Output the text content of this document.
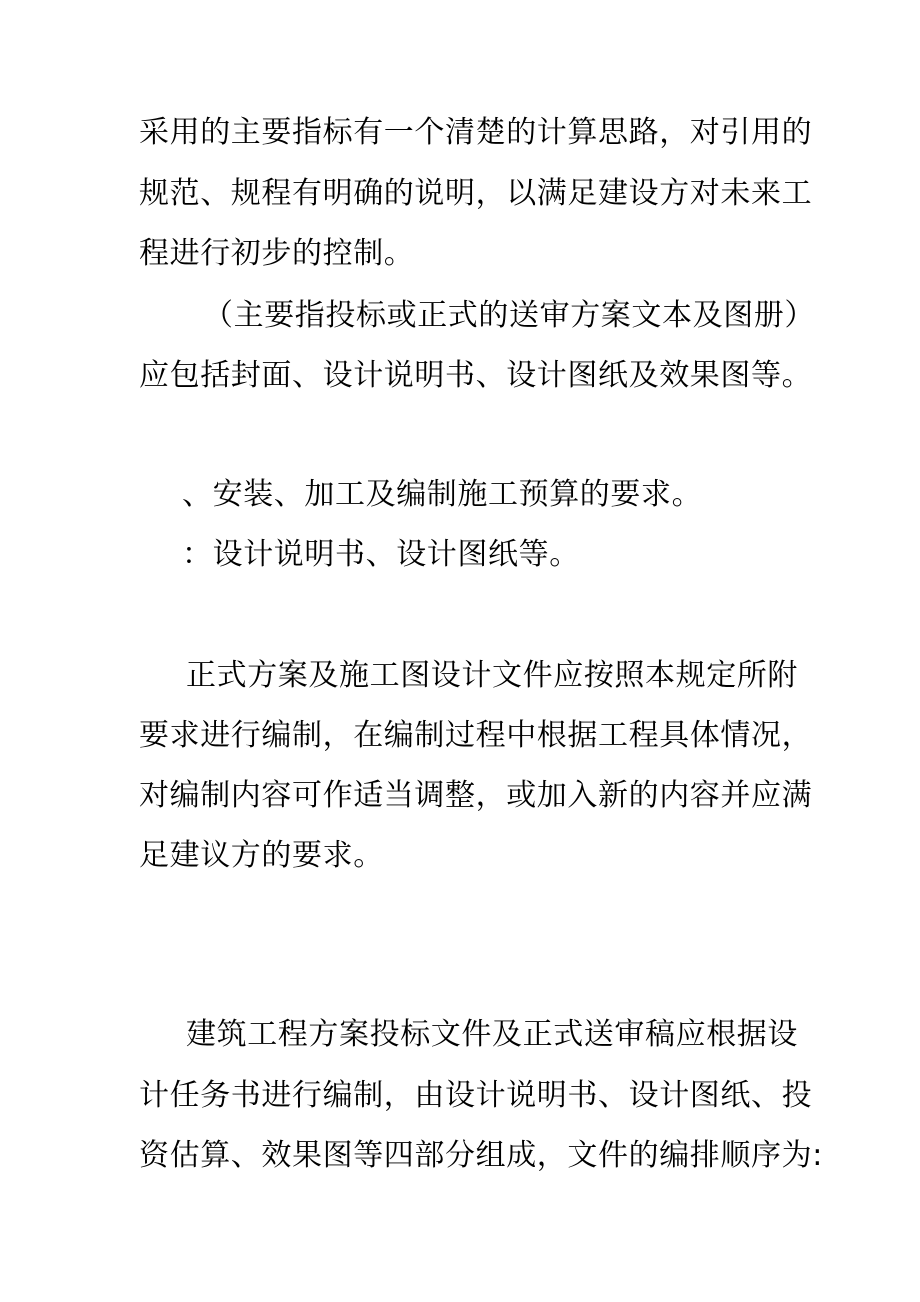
采用的主要指标有一个清楚的计算思路，对引用的
规范、规程有明确的说明，以满足建设方对未来工
程进行初步的控制。
（主要指投标或正式的送审方案文本及图册）
应包括封面、设计说明书、设计图纸及效果图等。
、安装、加工及编制施工预算的要求。
：设计说明书、设计图纸等。
正式方案及施工图设计文件应按照本规定所附
要求进行编制，在编制过程中根据工程具体情况，
对编制内容可作适当调整，或加入新的内容并应满
足建议方的要求。
建筑工程方案投标文件及正式送审稿应根据设
计任务书进行编制，由设计说明书、设计图纸、投
资估算、效果图等四部分组成，文件的编排顺序为:
